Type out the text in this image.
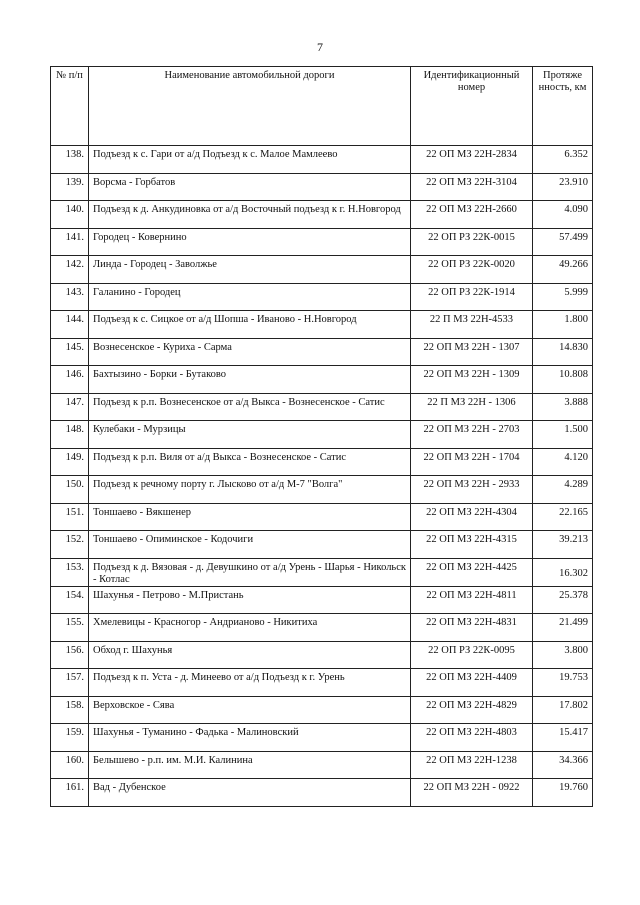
7
№ п/п	Наименование автомобильной дороги	Идентификационный номер	Протяже нность, км
138.	Подъезд к с. Гари от а/д Подъезд к с. Малое Мамлеево	22 ОП МЗ 22Н-2834	6.352
139.	Ворсма - Горбатов	22 ОП МЗ 22Н-3104	23.910
140.	Подъезд к д. Анкудиновка от а/д Восточный подъезд к г. Н.Новгород	22 ОП МЗ 22Н-2660	4.090
141.	Городец - Ковернино	22 ОП РЗ 22К-0015	57.499
142.	Линда - Городец - Заволжье	22 ОП РЗ 22К-0020	49.266
143.	Галанино - Городец	22 ОП РЗ 22К-1914	5.999
144.	Подъезд к с. Сицкое от а/д Шопша - Иваново - Н.Новгород	22 П МЗ 22Н-4533	1.800
145.	Вознесенское - Куриха - Сарма	22 ОП МЗ 22Н - 1307	14.830
146.	Бахтызино - Борки - Бутаково	22 ОП МЗ 22Н - 1309	10.808
147.	Подъезд к р.п. Вознесенское от а/д Выкса - Вознесенское - Сатис	22 П МЗ 22Н - 1306	3.888
148.	Кулебаки - Мурзицы	22 ОП МЗ 22Н - 2703	1.500
149.	Подъезд к р.п. Виля от а/д Выкса - Вознесенское - Сатис	22 ОП МЗ 22Н - 1704	4.120
150.	Подъезд к речному порту г. Лысково от а/д М-7 "Волга"	22 ОП МЗ 22Н - 2933	4.289
151.	Тоншаево - Вякшенер	22 ОП МЗ 22Н-4304	22.165
152.	Тоншаево - Опиминское - Кодочиги	22 ОП МЗ 22Н-4315	39.213
153.	Подъезд к д. Вязовая - д. Девушкино от а/д Урень - Шарья - Никольск - Котлас	22 ОП МЗ 22Н-4425	16.302
154.	Шахунья - Петрово - М.Пристань	22 ОП МЗ 22Н-4811	25.378
155.	Хмелевицы - Красногор - Андрианово - Никитиха	22 ОП МЗ 22Н-4831	21.499
156.	Обход г. Шахунья	22 ОП РЗ 22К-0095	3.800
157.	Подъезд к п. Уста - д. Минеево от а/д Подъезд к г. Урень	22 ОП МЗ 22Н-4409	19.753
158.	Верховское - Сява	22 ОП МЗ 22Н-4829	17.802
159.	Шахунья - Туманино - Фадька - Малиновский	22 ОП МЗ 22Н-4803	15.417
160.	Белышево - р.п. им. М.И. Калинина	22 ОП МЗ 22Н-1238	34.366
161.	Вад - Дубенское	22 ОП МЗ 22Н - 0922	19.760
